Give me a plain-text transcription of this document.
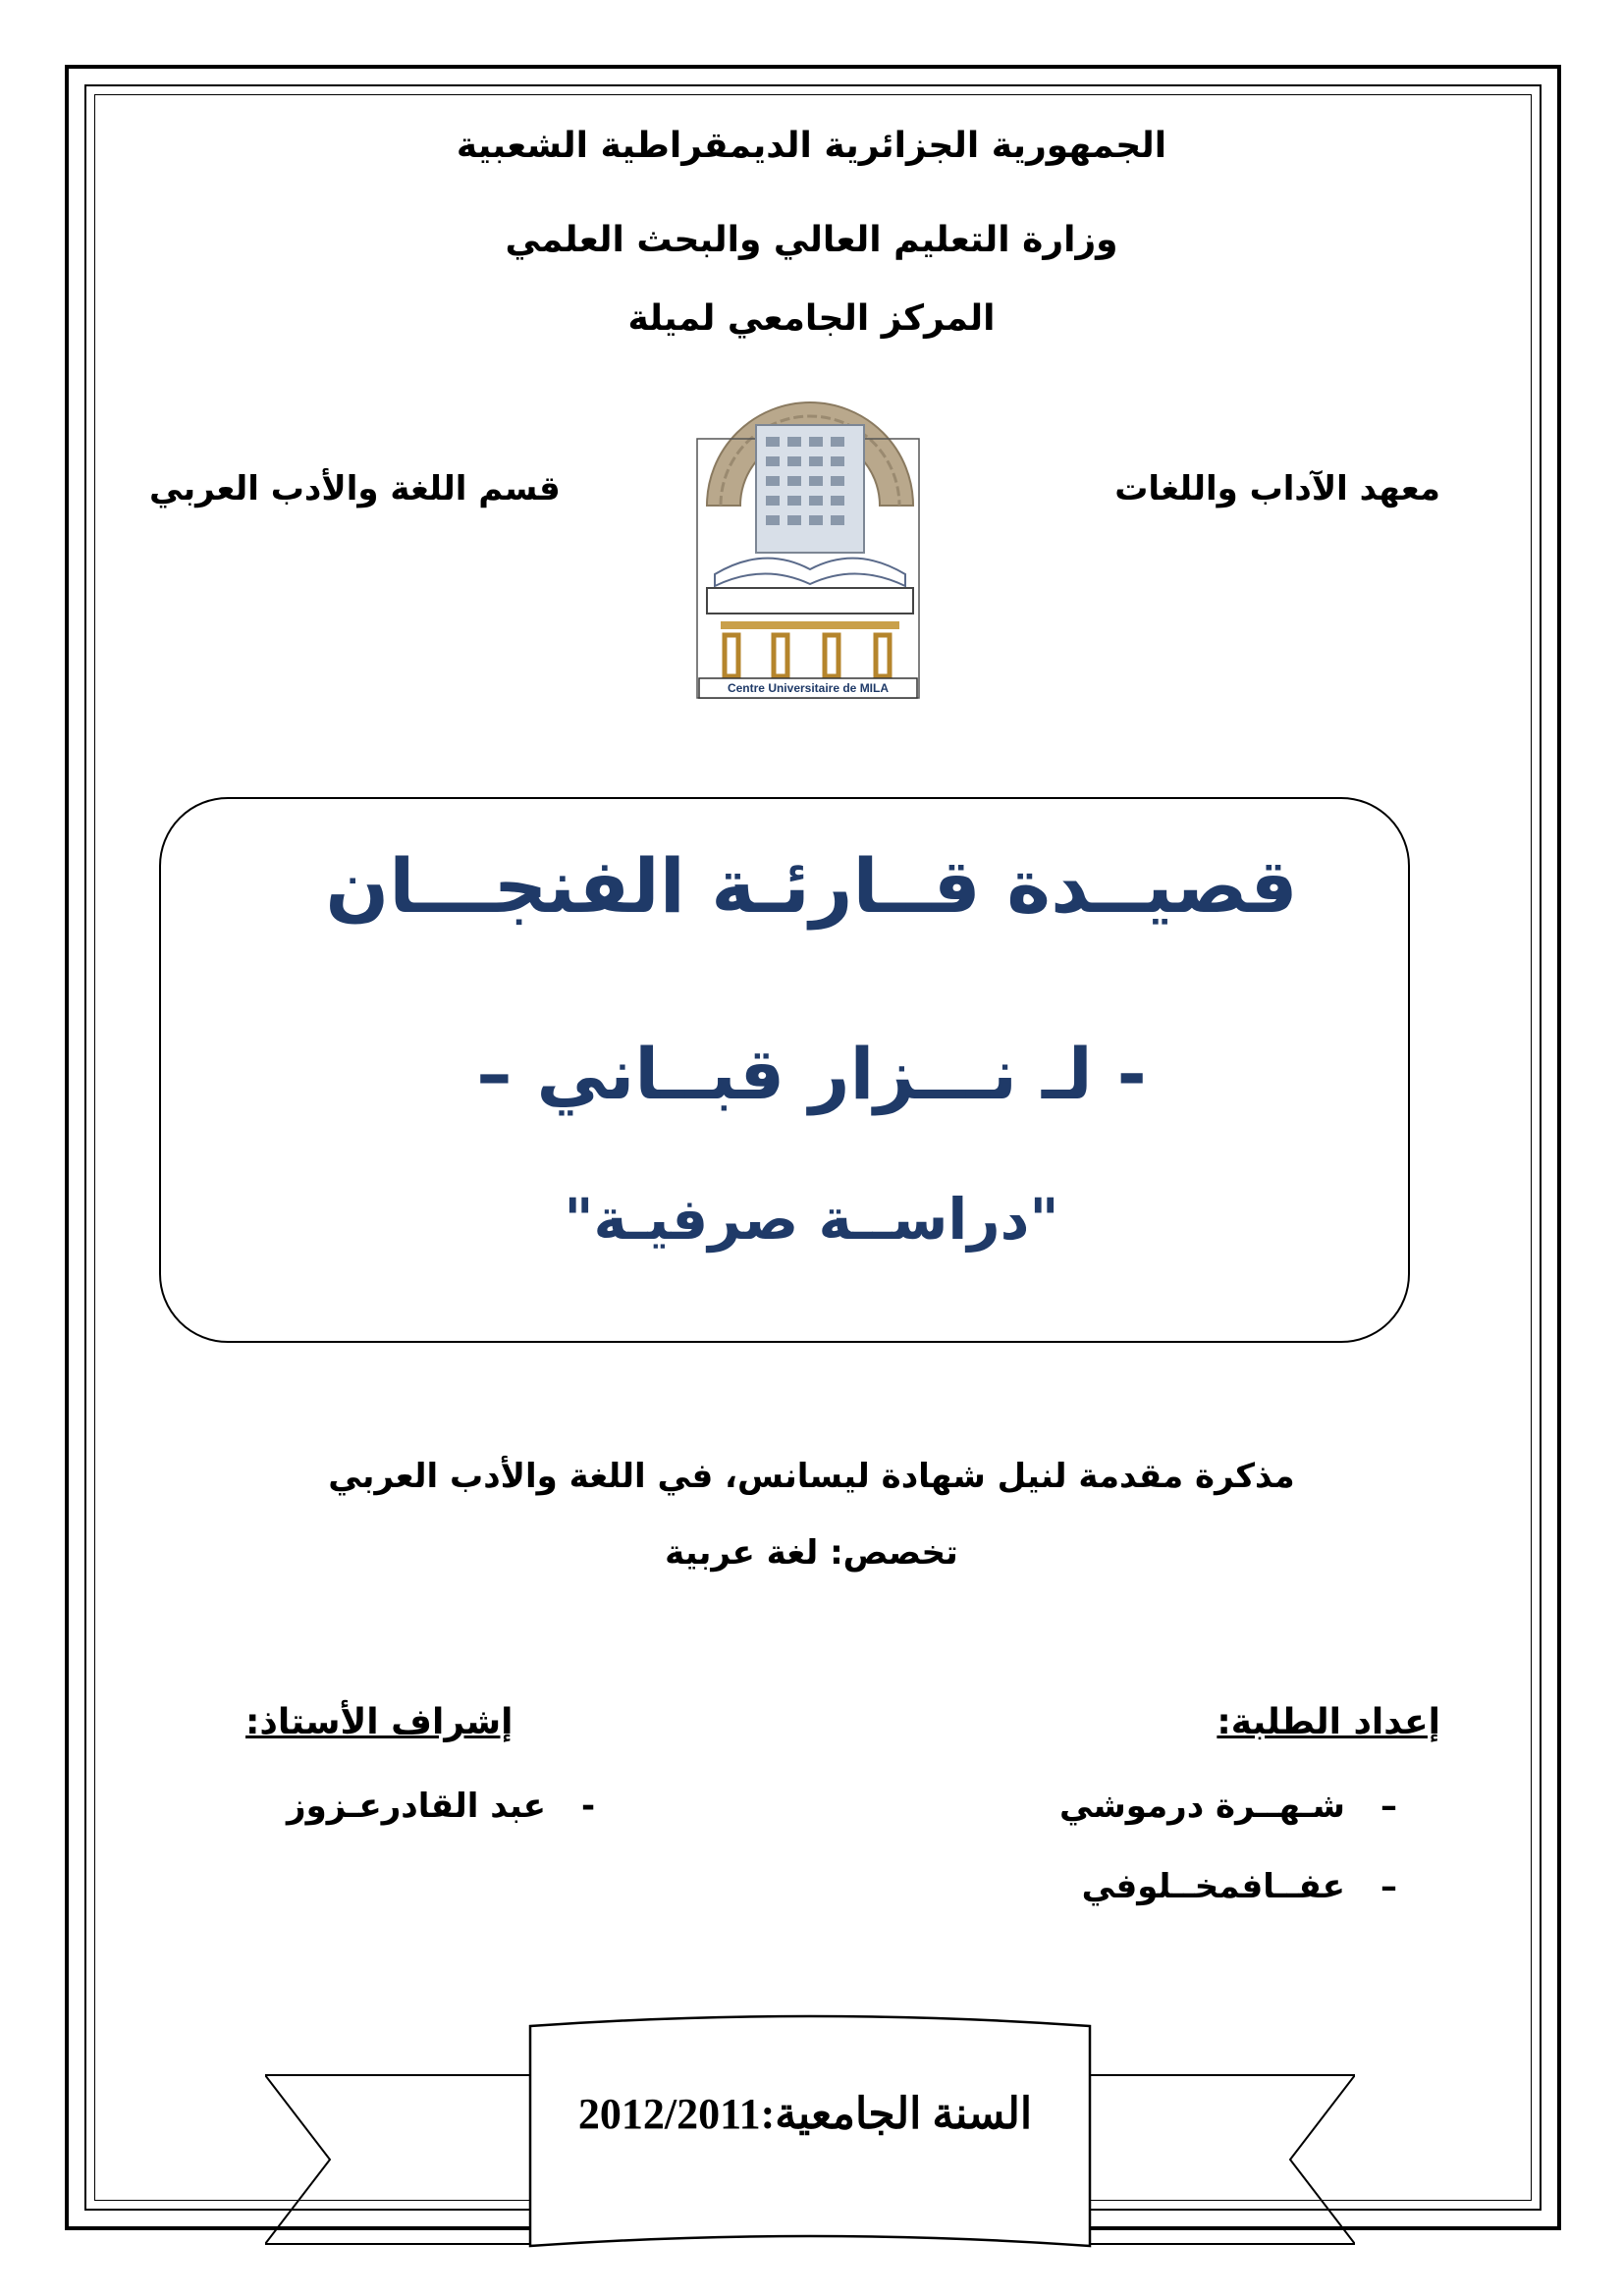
الجمهورية الجزائرية الديمقراطية الشعبية
وزارة التعليم العالي والبحث العلمي
المركز الجامعي لميلة
معهد الآداب واللغات
قسم اللغة والأدب العربي
Centre Universitaire de MILA
قصيــدة قــارئـة الفنجـــان
- لـ نـــزار قبــاني –
"دراســة صرفيـة"
مذكرة مقدمة لنيل شهادة ليسانس، في اللغة والأدب العربي
تخصص: لغة عربية
إعداد الطلبة:
إشراف الأستاذ:
–شـهــرة درموشي
–عفــافمخــلوفي
-عبد القادرعـزوز
السنة الجامعية:2012/2011
